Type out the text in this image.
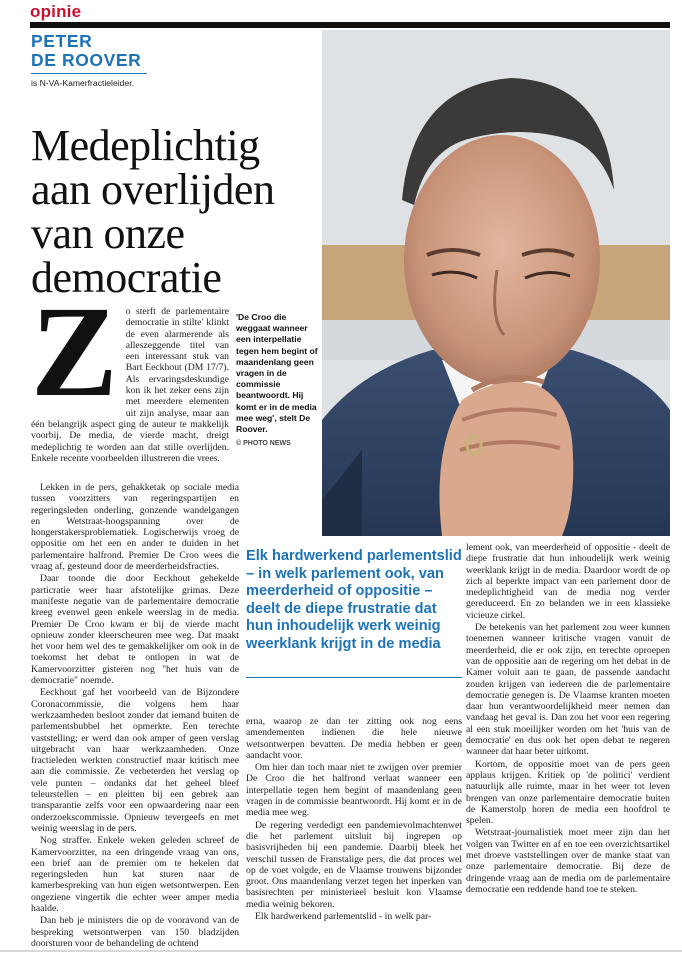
opinie
PETER
DE ROOVER
is N-VA-Kamerfractieleider.
Medeplichtig aan overlijden van onze democratie
Z o sterft de parlementaire democratie in stilte' klinkt de even alarmerende als alleszeggende titel van een interessant stuk van Bart Eeckhout (DM 17/7). Als ervaringsdeskundige kon ik het zeker eens zijn met meerdere elementen uit zijn analyse, maar aan één belangrijk aspect ging de auteur te makkelijk voorbij. De media, de vierde macht, dreigt medeplichtig te worden aan dat stille overlijden. Enkele recente voorbeelden illustreren die vrees.

Lekken in de pers, gehakketak op sociale media tussen voorzitters van regeringspartijen en regeringsleden onderling, gonzende wandelgangen en Wetstraat-hoogspanning over de hongerstakersproblematiek. Logischerwijs vroeg de oppositie om het een en ander te duiden in het parlementaire halfrond. Premier De Croo wees die vraag af, gesteund door de meerderheidsfracties.

Daar toonde die door Eeckhout gehekelde particratie weer haar afstotelijke grimas. Deze manifeste negatie van de parlementaire democratie kreeg evenwel geen enkele weerslag in de media. Premier De Croo kwam er bij de vierde macht opnieuw zonder kleerscheuren mee weg. Dat maakt het voor hem wel des te gemakkelijker om ook in de toekomst het debat te ontlopen in wat de Kamervoorzitter gisteren nog "het huis van de democratie" noemde.

Eeckhout gaf het voorbeeld van de Bijzondere Coronacommissie, die volgens hem haar werkzaamheden besloot zonder dat iemand buiten de parlementsbubbel het opmerkte. Een terechte vaststelling; er werd dan ook amper of geen verslag uitgebracht van haar werkzaamheden. Onze fractieleden werkten constructief maar kritisch mee aan die commissie. Ze verbeterden het verslag op vele punten – ondanks dat het geheel bleef teleurstellen – en pleitten bij een gebrek aan transparantie zelfs voor een opwaardering naar een onderzoekscommissie. Opnieuw tevergeefs en met weinig weerslag in de pers.

Nog straffer. Enkele weken geleden schreef de Kamervoorzitter, na een dringende vraag van ons, een brief aan de premier om te hekelen dat regeringsleden hun kat sturen naar de kamerbespreking van hun eigen wetsontwerpen. Een ongeziene vingertik die echter weer amper media haalde.

Dan heb je ministers die op de vooravond van de bespreking wetsontwerpen van 150 bladzijden doorsturen voor de behandeling de ochtend

'De Croo die weggaat wanneer een interpellatie tegen hem begint of maandenlang geen vragen in de commissie beantwoordt. Hij komt er in de media mee weg', stelt De Roover.
© PHOTO NEWS
Elk hardwerkend parlementslid – in welk parlement ook, van meerderheid of oppositie – deelt de diepe frustratie dat hun inhoudelijk werk weinig weerklank krijgt in de media

erna, waarop ze dan ter zitting ook nog eens amendementen indienen die hele nieuwe wetsontwerpen bevatten. De media hebben er geen aandacht voor.

Om hier dan toch maar niet te zwijgen over premier De Croo die het halfrond verlaat wanneer een interpellatie tegen hem begint of maandenlang geen vragen in de commissie beantwoordt. Hij komt er in de media mee weg.

De regering verdedigt een pandemievolmachtenwet die het parlement uitsluit bij ingrepen op basisvrijheden bij een pandemie. Daarbij bleek het verschil tussen de Franstalige pers, die dat proces wel op de voet volgde, en de Vlaamse trouwens bijzonder groot. Ons maandenlang verzet tegen het inperken van basisrechten per ministerieel besluit kon Vlaamse media weinig bekoren.

Elk hardwerkend parlementslid - in welk par-

lement ook, van meerderheid of oppositie - deelt de diepe frustratie dat hun inhoudelijk werk weinig weerklank krijgt in de media. Daardoor wordt de op zich al beperkte impact van een parlement door de medeplichtigheid van de media nog verder gereduceerd. En zo belanden we in een klassieke vicieuze cirkel.

De betekenis van het parlement zou weer kunnen toenemen wanneer kritische vragen vanuit de meerderheid, die er ook zijn, en terechte oproepen van de oppositie aan de regering om het debat in de Kamer voluit aan te gaan, de passende aandacht zouden krijgen van iedereen die de parlementaire democratie genegen is. De Vlaamse kranten moeten daar hun verantwoordelijkheid meer nemen dan vandaag het geval is. Dan zou het voor een regering al een stuk moeilijker worden om het 'huis van de democratie' en dus ook het open debat te negeren wanneer dat haar beter uitkomt.

Kortom, de oppositie moet van de pers geen applaus krijgen. Kritiek op 'de politici' verdient natuurlijk alle ruimte, maar in het weer tot leven brengen van onze parlementaire democratie buiten de Kamerstolp horen de media een hoofdrol te spelen.

Wetstraat-journalistiek moet meer zijn dan het volgen van Twitter en af en toe een overzichtsartikel met droeve vaststellingen over de manke staat van onze parlementaire democratie. Bij deze de dringende vraag aan de media om de parlementaire democratie een reddende hand toe te steken.
